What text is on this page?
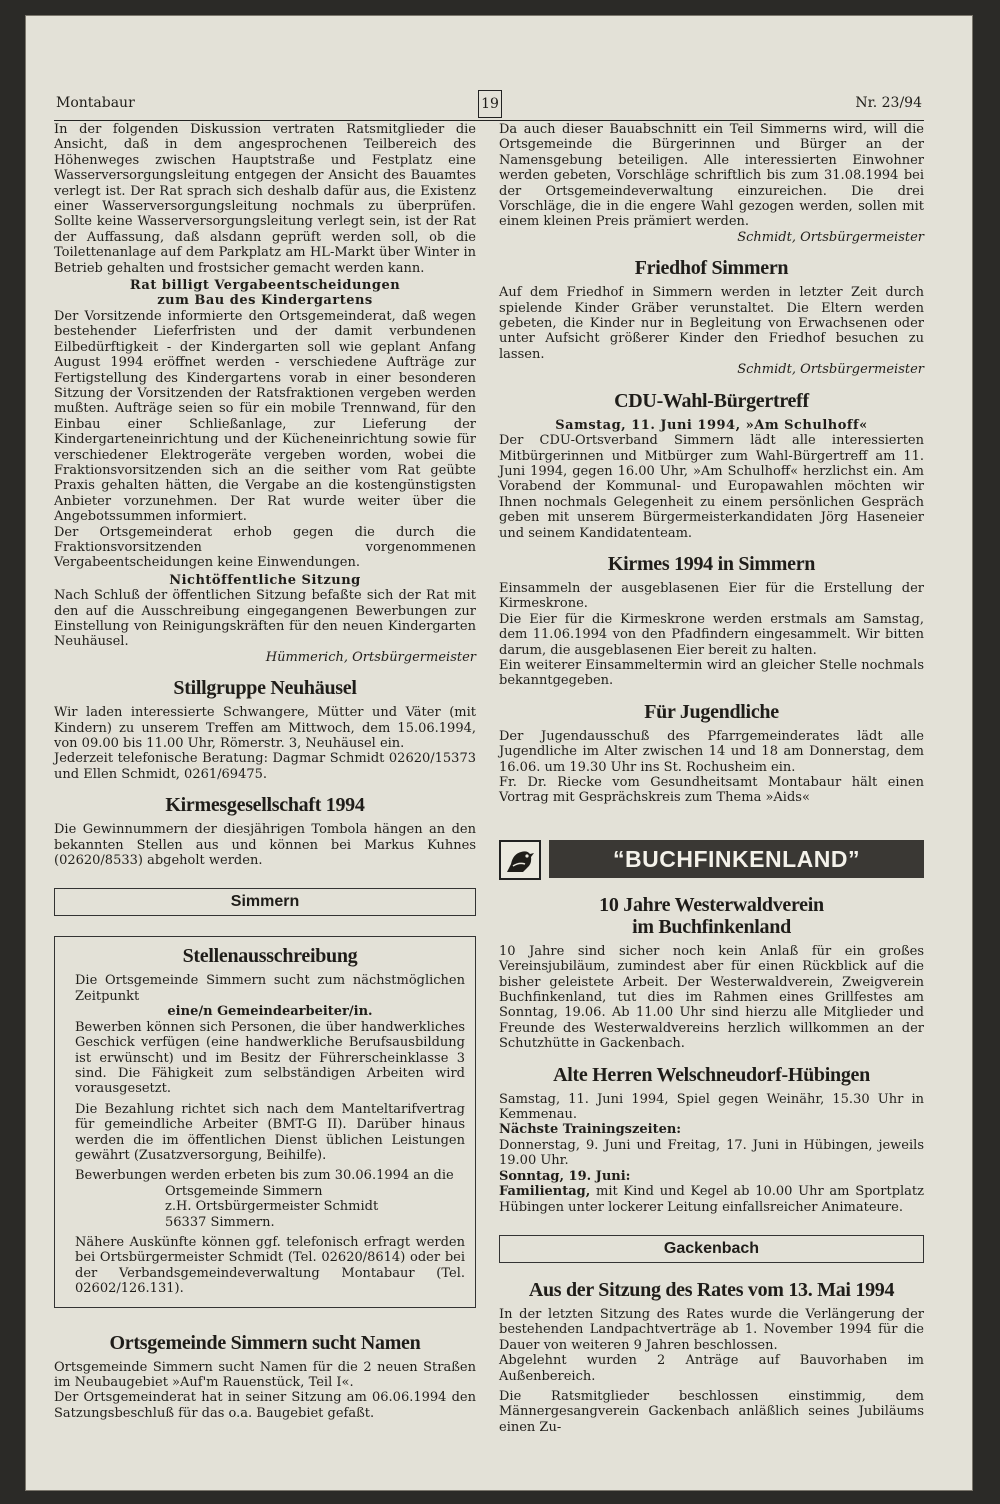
Montabaur	19	Nr. 23/94

In der folgenden Diskussion vertraten Ratsmitglieder die Ansicht, daß in dem angesprochenen Teilbereich des Höhenweges zwischen Hauptstraße und Festplatz eine Wasserversorgungsleitung entgegen der Ansicht des Bauamtes verlegt ist. Der Rat sprach sich deshalb dafür aus, die Existenz einer Wasserversorgungsleitung nochmals zu überprüfen. Sollte keine Wasserversorgungsleitung verlegt sein, ist der Rat der Auffassung, daß alsdann geprüft werden soll, ob die Toilettenanlage auf dem Parkplatz am HL-Markt über Winter in Betrieb gehalten und frostsicher gemacht werden kann.

Rat billigt Vergabeentscheidungen
zum Bau des Kindergartens

Der Vorsitzende informierte den Ortsgemeinderat, daß wegen bestehender Lieferfristen und der damit verbundenen Eilbedürftigkeit - der Kindergarten soll wie geplant Anfang August 1994 eröffnet werden - verschiedene Aufträge zur Fertigstellung des Kindergartens vorab in einer besonderen Sitzung der Vorsitzenden der Ratsfraktionen vergeben werden mußten. Aufträge seien so für ein mobile Trennwand, für den Einbau einer Schließanlage, zur Lieferung der Kindergarteneinrichtung und der Kücheneinrichtung sowie für verschiedener Elektrogeräte vergeben worden, wobei die Fraktionsvorsitzenden sich an die seither vom Rat geübte Praxis gehalten hätten, die Vergabe an die kostengünstigsten Anbieter vorzunehmen. Der Rat wurde weiter über die Angebotssummen informiert.

Der Ortsgemeinderat erhob gegen die durch die Fraktionsvorsitzenden vorgenommenen Vergabeentscheidungen keine Einwendungen.

Nichtöffentliche Sitzung

Nach Schluß der öffentlichen Sitzung befaßte sich der Rat mit den auf die Ausschreibung eingegangenen Bewerbungen zur Einstellung von Reinigungskräften für den neuen Kindergarten Neuhäusel.

Hümmerich, Ortsbürgermeister

Stillgruppe Neuhäusel

Wir laden interessierte Schwangere, Mütter und Väter (mit Kindern) zu unserem Treffen am Mittwoch, dem 15.06.1994, von 09.00 bis 11.00 Uhr, Römerstr. 3, Neuhäusel ein.

Jederzeit telefonische Beratung: Dagmar Schmidt 02620/15373 und Ellen Schmidt, 0261/69475.

Kirmesgesellschaft 1994

Die Gewinnummern der diesjährigen Tombola hängen an den bekannten Stellen aus und können bei Markus Kuhnes (02620/8533) abgeholt werden.

Simmern
Stellenausschreibung

Die Ortsgemeinde Simmern sucht zum nächstmöglichen Zeitpunkt

eine/n Gemeindearbeiter/in.

Bewerben können sich Personen, die über handwerkliches Geschick verfügen (eine handwerkliche Berufsausbildung ist erwünscht) und im Besitz der Führerscheinklasse 3 sind. Die Fähigkeit zum selbständigen Arbeiten wird vorausgesetzt.

Die Bezahlung richtet sich nach dem Manteltarifvertrag für gemeindliche Arbeiter (BMT-G II). Darüber hinaus werden die im öffentlichen Dienst üblichen Leistungen gewährt (Zusatzversorgung, Beihilfe).

Bewerbungen werden erbeten bis zum 30.06.1994 an die

Ortsgemeinde Simmern

z.H. Ortsbürgermeister Schmidt

56337 Simmern.

Nähere Auskünfte können ggf. telefonisch erfragt werden bei Ortsbürgermeister Schmidt (Tel. 02620/8614) oder bei der Verbandsgemeindeverwaltung Montabaur (Tel. 02602/126.131).

Ortsgemeinde Simmern sucht Namen

Ortsgemeinde Simmern sucht Namen für die 2 neuen Straßen im Neubaugebiet »Auf'm Rauenstück, Teil I«.

Der Ortsgemeinderat hat in seiner Sitzung am 06.06.1994 den Satzungsbeschluß für das o.a. Baugebiet gefaßt.

Da auch dieser Bauabschnitt ein Teil Simmerns wird, will die Ortsgemeinde die Bürgerinnen und Bürger an der Namensgebung beteiligen. Alle interessierten Einwohner werden gebeten, Vorschläge schriftlich bis zum 31.08.1994 bei der Ortsgemeindeverwaltung einzureichen. Die drei Vorschläge, die in die engere Wahl gezogen werden, sollen mit einem kleinen Preis prämiert werden.

Schmidt, Ortsbürgermeister

Friedhof Simmern

Auf dem Friedhof in Simmern werden in letzter Zeit durch spielende Kinder Gräber verunstaltet. Die Eltern werden gebeten, die Kinder nur in Begleitung von Erwachsenen oder unter Aufsicht größerer Kinder den Friedhof besuchen zu lassen.

Schmidt, Ortsbürgermeister

CDU-Wahl-Bürgertreff
Samstag, 11. Juni 1994, »Am Schulhoff«

Der CDU-Ortsverband Simmern lädt alle interessierten Mitbürgerinnen und Mitbürger zum Wahl-Bürgertreff am 11. Juni 1994, gegen 16.00 Uhr, »Am Schulhoff« herzlichst ein. Am Vorabend der Kommunal- und Europawahlen möchten wir Ihnen nochmals Gelegenheit zu einem persönlichen Gespräch geben mit unserem Bürgermeisterkandidaten Jörg Haseneier und seinem Kandidatenteam.

Kirmes 1994 in Simmern

Einsammeln der ausgeblasenen Eier für die Erstellung der Kirmeskrone.

Die Eier für die Kirmeskrone werden erstmals am Samstag, dem 11.06.1994 von den Pfadfindern eingesammelt. Wir bitten darum, die ausgeblasenen Eier bereit zu halten.

Ein weiterer Einsammeltermin wird an gleicher Stelle nochmals bekanntgegeben.

Für Jugendliche

Der Jugendausschuß des Pfarrgemeinderates lädt alle Jugendliche im Alter zwischen 14 und 18 am Donnerstag, dem 16.06. um 19.30 Uhr ins St. Rochusheim ein.

Fr. Dr. Riecke vom Gesundheitsamt Montabaur hält einen Vortrag mit Gesprächskreis zum Thema »Aids«

“BUCHFINKENLAND”
10 Jahre Westerwaldverein
im Buchfinkenland

10 Jahre sind sicher noch kein Anlaß für ein großes Vereinsjubiläum, zumindest aber für einen Rückblick auf die bisher geleistete Arbeit. Der Westerwaldverein, Zweigverein Buchfinkenland, tut dies im Rahmen eines Grillfestes am Sonntag, 19.06. Ab 11.00 Uhr sind hierzu alle Mitglieder und Freunde des Westerwaldvereins herzlich willkommen an der Schutzhütte in Gackenbach.

Alte Herren Welschneudorf-Hübingen

Samstag, 11. Juni 1994, Spiel gegen Weinähr, 15.30 Uhr in Kemmenau.

Nächste Trainingszeiten:

Donnerstag, 9. Juni und Freitag, 17. Juni in Hübingen, jeweils 19.00 Uhr.

Sonntag, 19. Juni:

Familientag, mit Kind und Kegel ab 10.00 Uhr am Sportplatz Hübingen unter lockerer Leitung einfallsreicher Animateure.

Gackenbach
Aus der Sitzung des Rates vom 13. Mai 1994

In der letzten Sitzung des Rates wurde die Verlängerung der bestehenden Landpachtverträge ab 1. November 1994 für die Dauer von weiteren 9 Jahren beschlossen.

Abgelehnt wurden 2 Anträge auf Bauvorhaben im Außenbereich.

Die Ratsmitglieder beschlossen einstimmig, dem Männergesangverein Gackenbach anläßlich seines Jubiläums einen Zu-
